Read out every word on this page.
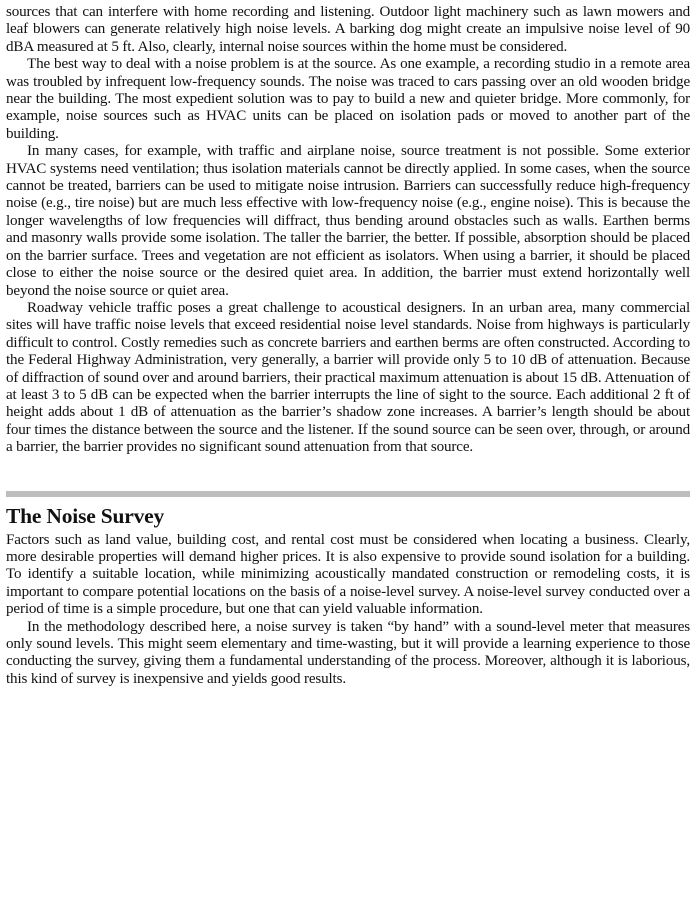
sources that can interfere with home recording and listening. Outdoor light machinery such as lawn mowers and leaf blowers can generate relatively high noise levels. A barking dog might create an impulsive noise level of 90 dBA measured at 5 ft. Also, clearly, internal noise sources within the home must be considered.

The best way to deal with a noise problem is at the source. As one example, a recording studio in a remote area was troubled by infrequent low-frequency sounds. The noise was traced to cars passing over an old wooden bridge near the building. The most expedient solution was to pay to build a new and quieter bridge. More commonly, for example, noise sources such as HVAC units can be placed on isolation pads or moved to another part of the building.

In many cases, for example, with traffic and airplane noise, source treatment is not possible. Some exterior HVAC systems need ventilation; thus isolation materials cannot be directly applied. In some cases, when the source cannot be treated, barriers can be used to mitigate noise intrusion. Barriers can successfully reduce high-frequency noise (e.g., tire noise) but are much less effective with low-frequency noise (e.g., engine noise). This is because the longer wavelengths of low frequencies will diffract, thus bending around obstacles such as walls. Earthen berms and masonry walls provide some isolation. The taller the barrier, the better. If possible, absorption should be placed on the barrier surface. Trees and vegetation are not efficient as isolators. When using a barrier, it should be placed close to either the noise source or the desired quiet area. In addition, the barrier must extend horizontally well beyond the noise source or quiet area.

Roadway vehicle traffic poses a great challenge to acoustical designers. In an urban area, many commercial sites will have traffic noise levels that exceed residential noise level standards. Noise from highways is particularly difficult to control. Costly remedies such as concrete barriers and earthen berms are often constructed. According to the Federal Highway Administration, very generally, a barrier will provide only 5 to 10 dB of attenuation. Because of diffraction of sound over and around barriers, their practical maximum attenuation is about 15 dB. Attenuation of at least 3 to 5 dB can be expected when the barrier interrupts the line of sight to the source. Each additional 2 ft of height adds about 1 dB of attenuation as the barrier’s shadow zone increases. A barrier’s length should be about four times the distance between the source and the listener. If the sound source can be seen over, through, or around a barrier, the barrier provides no significant sound attenuation from that source.

The Noise Survey

Factors such as land value, building cost, and rental cost must be considered when locating a business. Clearly, more desirable properties will demand higher prices. It is also expensive to provide sound isolation for a building. To identify a suitable location, while minimizing acoustically mandated construction or remodeling costs, it is important to compare potential locations on the basis of a noise-level survey. A noise-level survey conducted over a period of time is a simple procedure, but one that can yield valuable information.

In the methodology described here, a noise survey is taken “by hand” with a sound-level meter that measures only sound levels. This might seem elementary and time-wasting, but it will provide a learning experience to those conducting the survey, giving them a fundamental understanding of the process. Moreover, although it is laborious, this kind of survey is inexpensive and yields good results.
